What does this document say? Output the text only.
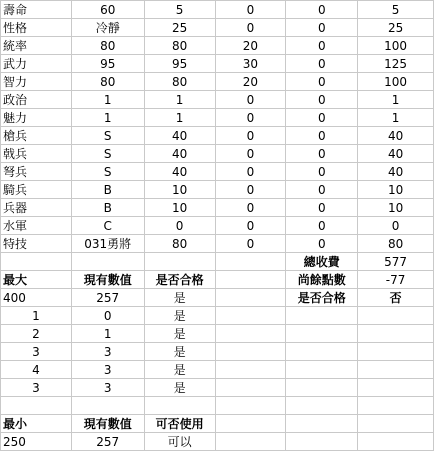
壽命	60	5	0	0	5
性格	冷靜	25	0	0	25
統率	80	80	20	0	100
武力	95	95	30	0	125
智力	80	80	20	0	100
政治	1	1	0	0	1
魅力	1	1	0	0	1
槍兵	S	40	0	0	40
戟兵	S	40	0	0	40
弩兵	S	40	0	0	40
騎兵	B	10	0	0	10
兵器	B	10	0	0	10
水軍	C	0	0	0	0
特技	031勇將	80	0	0	80
				總收費	577
最大	現有數值	是否合格		尚餘點數	-77
400	257	是		是否合格	否
1	0	是			
2	1	是			
3	3	是			
4	3	是			
3	3	是			

最小	現有數值	可否使用			
250	257	可以			
